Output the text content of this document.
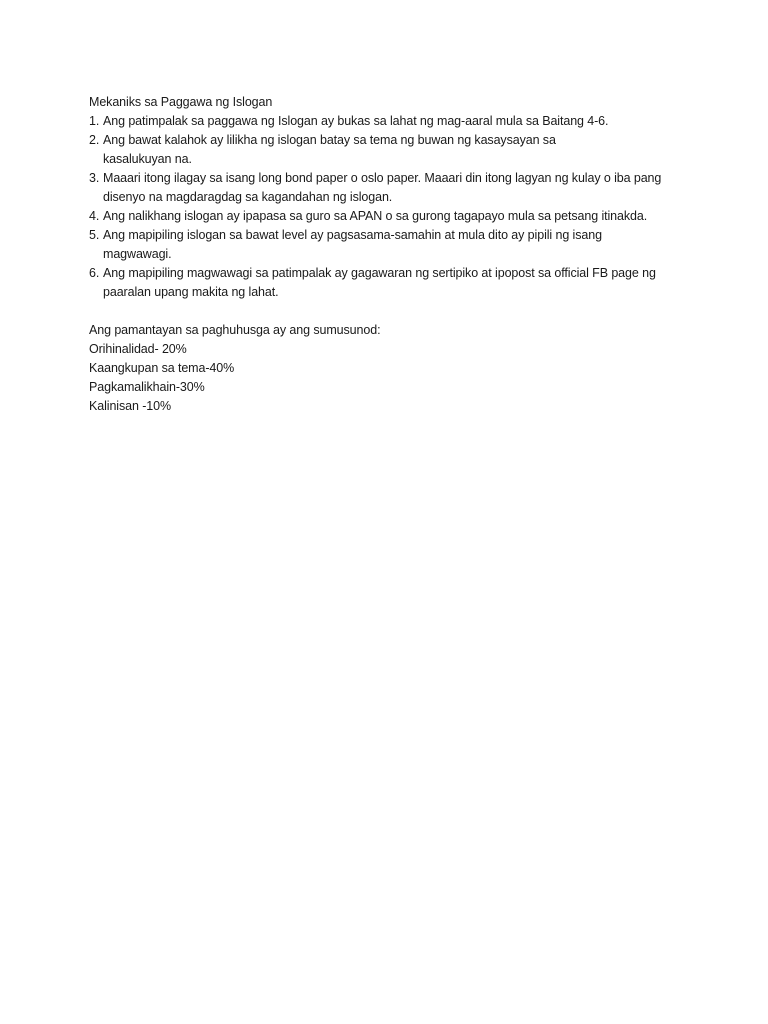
Mekaniks sa Paggawa ng Islogan

1. Ang patimpalak sa paggawa ng Islogan ay bukas sa lahat ng mag-aaral mula sa Baitang 4-6.
2. Ang bawat kalahok ay lilikha ng islogan batay sa tema ng buwan ng kasaysayan sa kasalukuyan na.
3. Maaari itong ilagay sa isang long bond paper o oslo paper. Maaari din itong lagyan ng kulay o iba pang disenyo na magdaragdag sa kagandahan ng islogan.
4. Ang nalikhang islogan ay ipapasa sa guro sa APAN o sa gurong tagapayo mula sa petsang itinakda.
5. Ang mapipiling islogan sa bawat level ay pagsasama-samahin at mula dito ay pipili ng isang magwawagi.
6. Ang mapipiling magwawagi sa patimpalak ay gagawaran ng sertipiko at ipopost sa official FB page ng paaralan upang makita ng lahat.

Ang pamantayan sa paghuhusga ay ang sumusunod:

Orihinalidad- 20%
Kaangkupan sa tema-40%
Pagkamalikhain-30%
Kalinisan -10%
